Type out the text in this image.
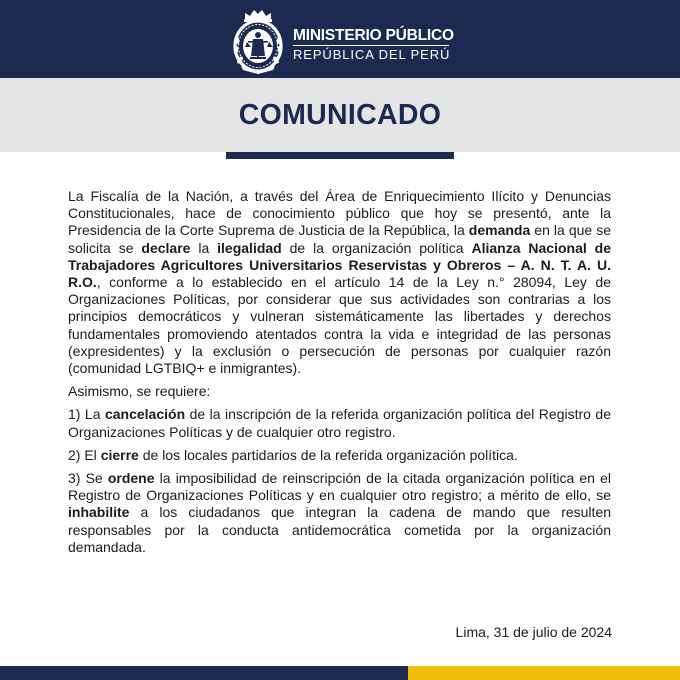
MINISTERIO PÚBLICO
REPÚBLICA DEL PERÚ
COMUNICADO

La Fiscalía de la Nación, a través del Área de Enriquecimiento Ilícito y Denuncias Constitucionales, hace de conocimiento público que hoy se presentó, ante la Presidencia de la Corte Suprema de Justicia de la República, la demanda en la que se solicita se declare la ilegalidad de la organización política Alianza Nacional de Trabajadores Agricultores Universitarios Reservistas y Obreros – A. N. T. A. U. R.O., conforme a lo establecido en el artículo 14 de la Ley n.° 28094, Ley de Organizaciones Políticas, por considerar que sus actividades son contrarias a los principios democráticos y vulneran sistemáticamente las libertades y derechos fundamentales promoviendo atentados contra la vida e integridad de las personas (expresidentes) y la exclusión o persecución de personas por cualquier razón (comunidad LGTBIQ+ e inmigrantes).

Asimismo, se requiere:

1) La cancelación de la inscripción de la referida organización política del Registro de Organizaciones Políticas y de cualquier otro registro.

2) El cierre de los locales partidarios de la referida organización política.

3) Se ordene la imposibilidad de reinscripción de la citada organización política en el Registro de Organizaciones Políticas y en cualquier otro registro; a mérito de ello, se inhabilite a los ciudadanos que integran la cadena de mando que resulten responsables por la conducta antidemocrática cometida por la organización demandada.

Lima, 31 de julio de 2024
